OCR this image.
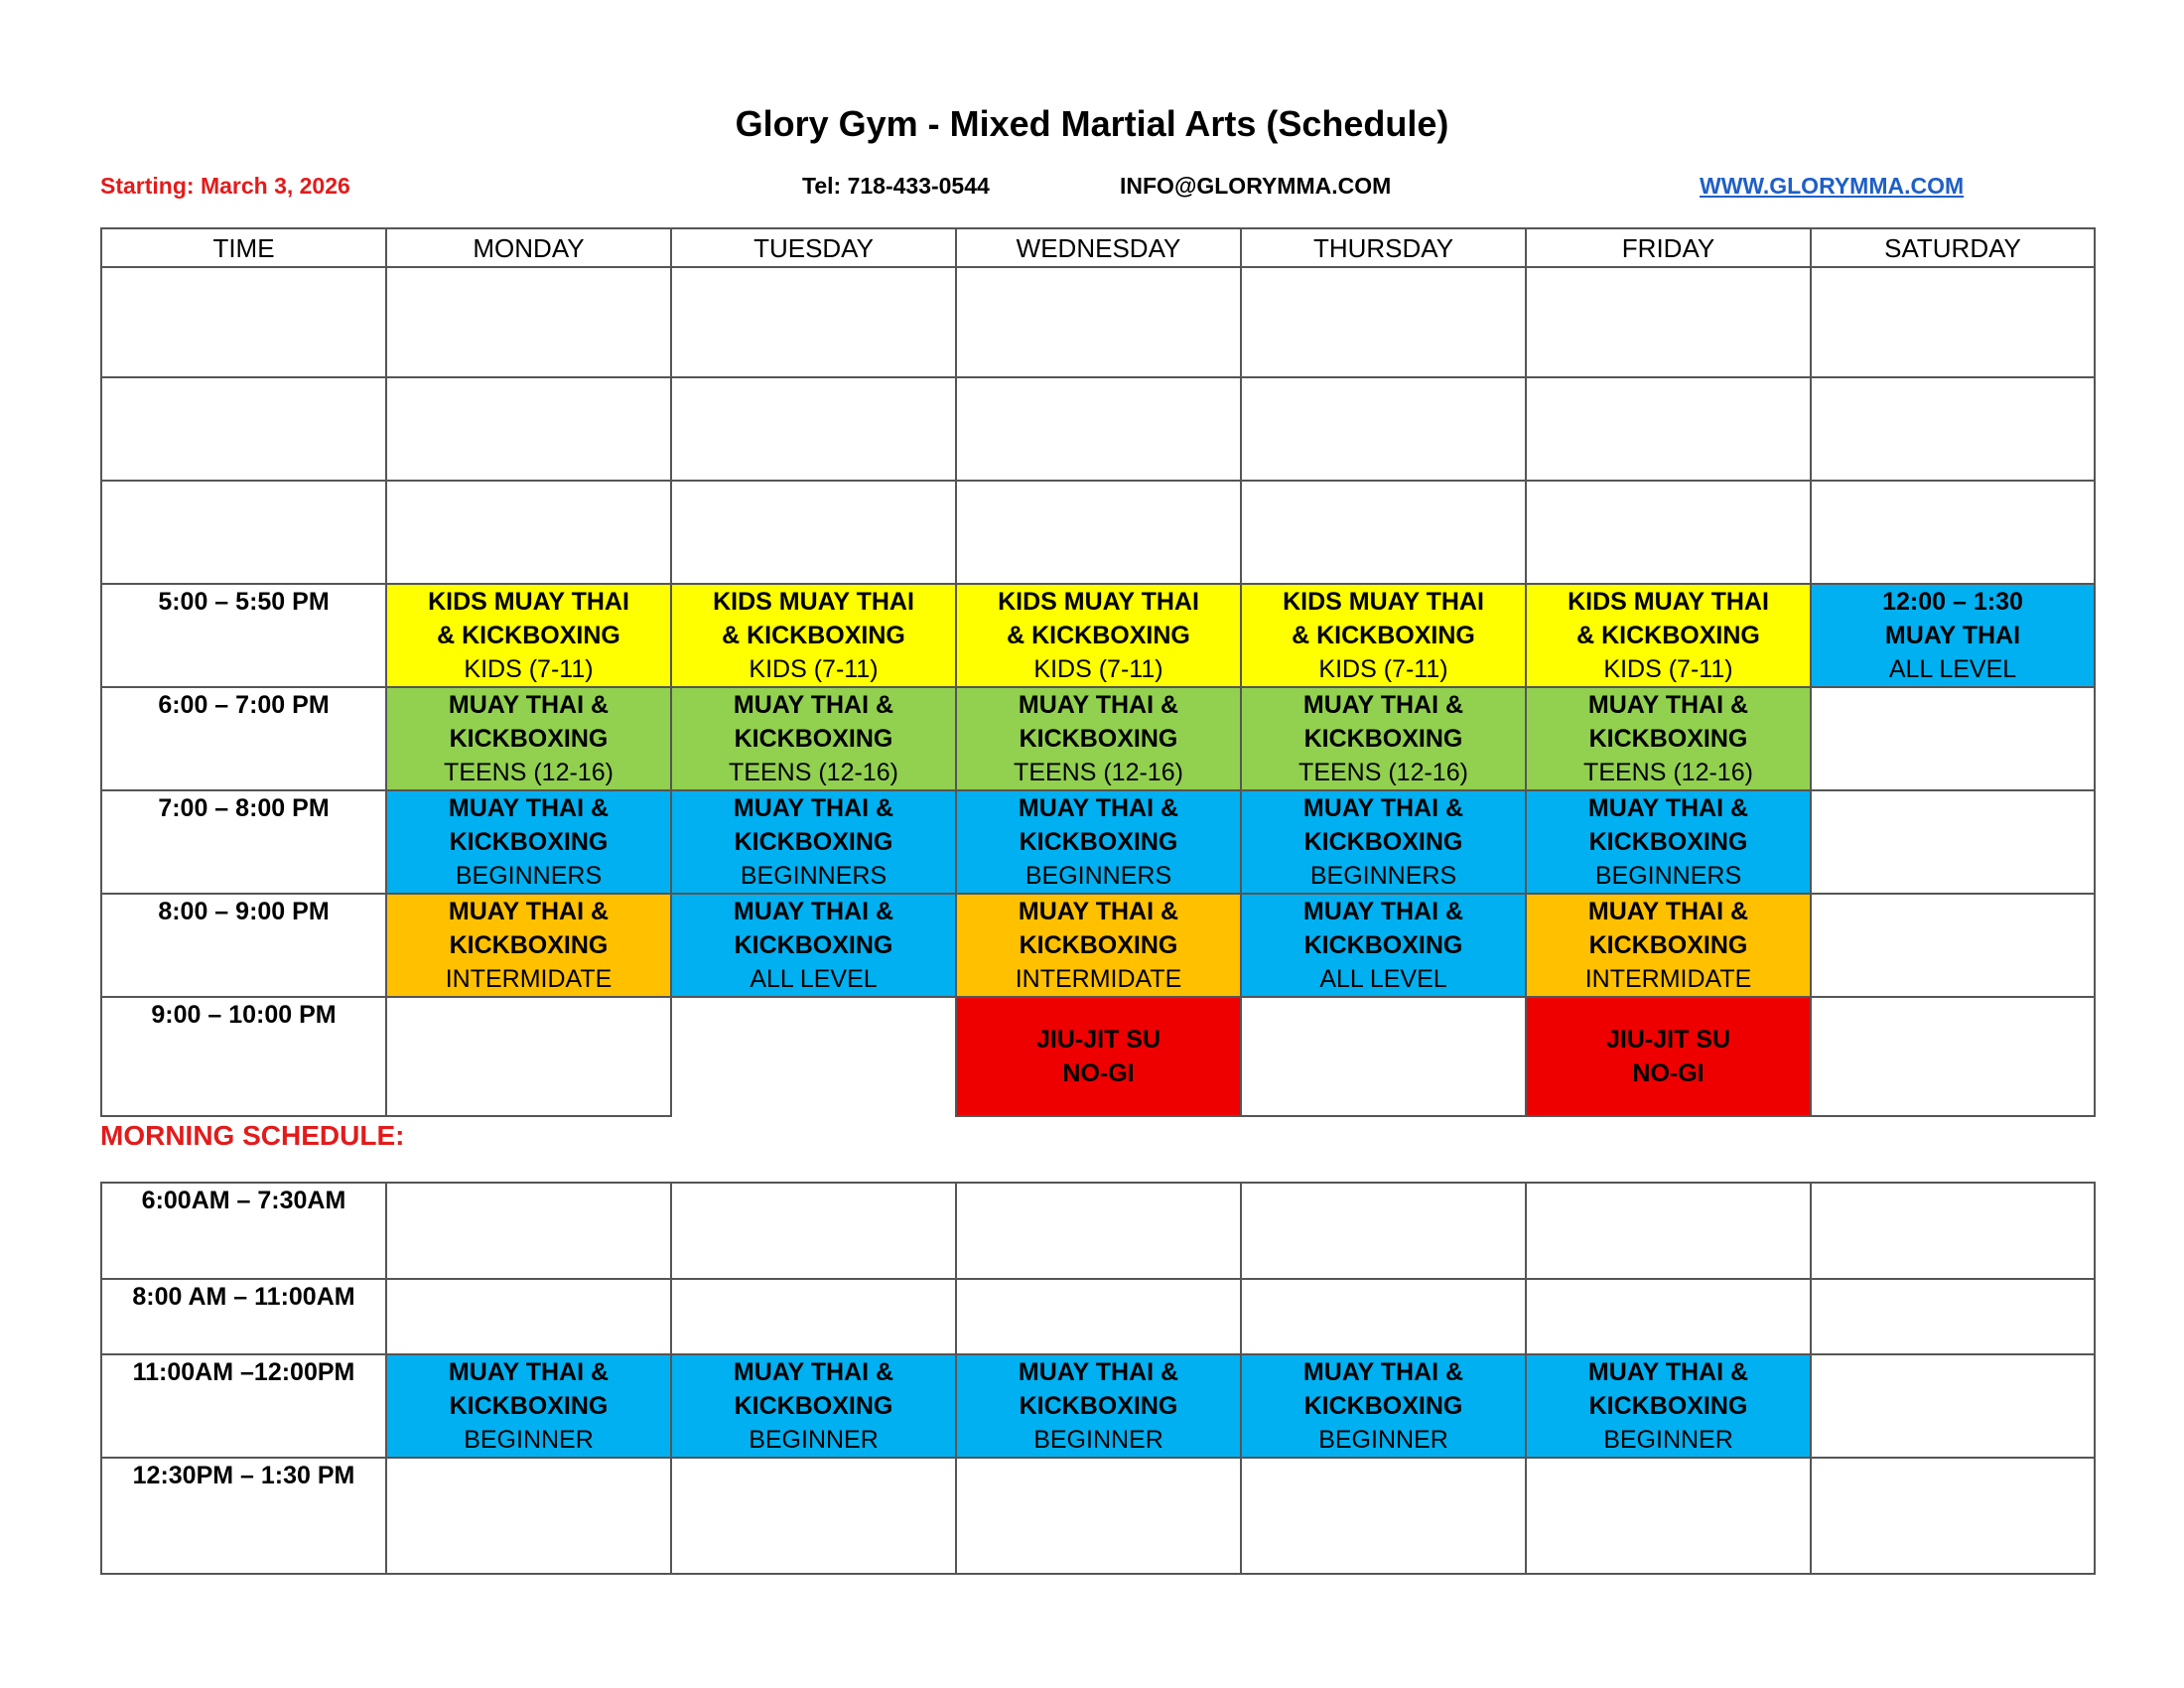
Glory Gym - Mixed Martial Arts (Schedule)
Starting: March 3, 2026	Tel: 718-433-0544	INFO@GLORYMMA.COM	WWW.GLORYMMA.COM
TIME	MONDAY	TUESDAY	WEDNESDAY	THURSDAY	FRIDAY	SATURDAY

5:00 – 5:50 PM	KIDS MUAY THAI
& KICKBOXING
KIDS (7-11)	KIDS MUAY THAI
& KICKBOXING
KIDS (7-11)	KIDS MUAY THAI
& KICKBOXING
KIDS (7-11)	KIDS MUAY THAI
& KICKBOXING
KIDS (7-11)	KIDS MUAY THAI
& KICKBOXING
KIDS (7-11)	12:00 – 1:30
MUAY THAI
ALL LEVEL

6:00 – 7:00 PM	MUAY THAI &
KICKBOXING
TEENS (12-16)	MUAY THAI &
KICKBOXING
TEENS (12-16)	MUAY THAI &
KICKBOXING
TEENS (12-16)	MUAY THAI &
KICKBOXING
TEENS (12-16)	MUAY THAI &
KICKBOXING
TEENS (12-16)	

7:00 – 8:00 PM	MUAY THAI &
KICKBOXING
BEGINNERS	MUAY THAI &
KICKBOXING
BEGINNERS	MUAY THAI &
KICKBOXING
BEGINNERS	MUAY THAI &
KICKBOXING
BEGINNERS	MUAY THAI &
KICKBOXING
BEGINNERS	

8:00 – 9:00 PM	MUAY THAI &
KICKBOXING
INTERMIDATE	MUAY THAI &
KICKBOXING
ALL LEVEL	MUAY THAI &
KICKBOXING
INTERMIDATE	MUAY THAI &
KICKBOXING
ALL LEVEL	MUAY THAI &
KICKBOXING
INTERMIDATE	

9:00 – 10:00 PM			JIU-JIT SU
NO-GI		JIU-JIT SU
NO-GI	

MORNING SCHEDULE:
6:00AM – 7:30AM						
8:00 AM – 11:00AM						
11:00AM –12:00PM	MUAY THAI &
KICKBOXING
BEGINNER	MUAY THAI &
KICKBOXING
BEGINNER	MUAY THAI &
KICKBOXING
BEGINNER	MUAY THAI &
KICKBOXING
BEGINNER	MUAY THAI &
KICKBOXING
BEGINNER	

12:30PM – 1:30 PM						
